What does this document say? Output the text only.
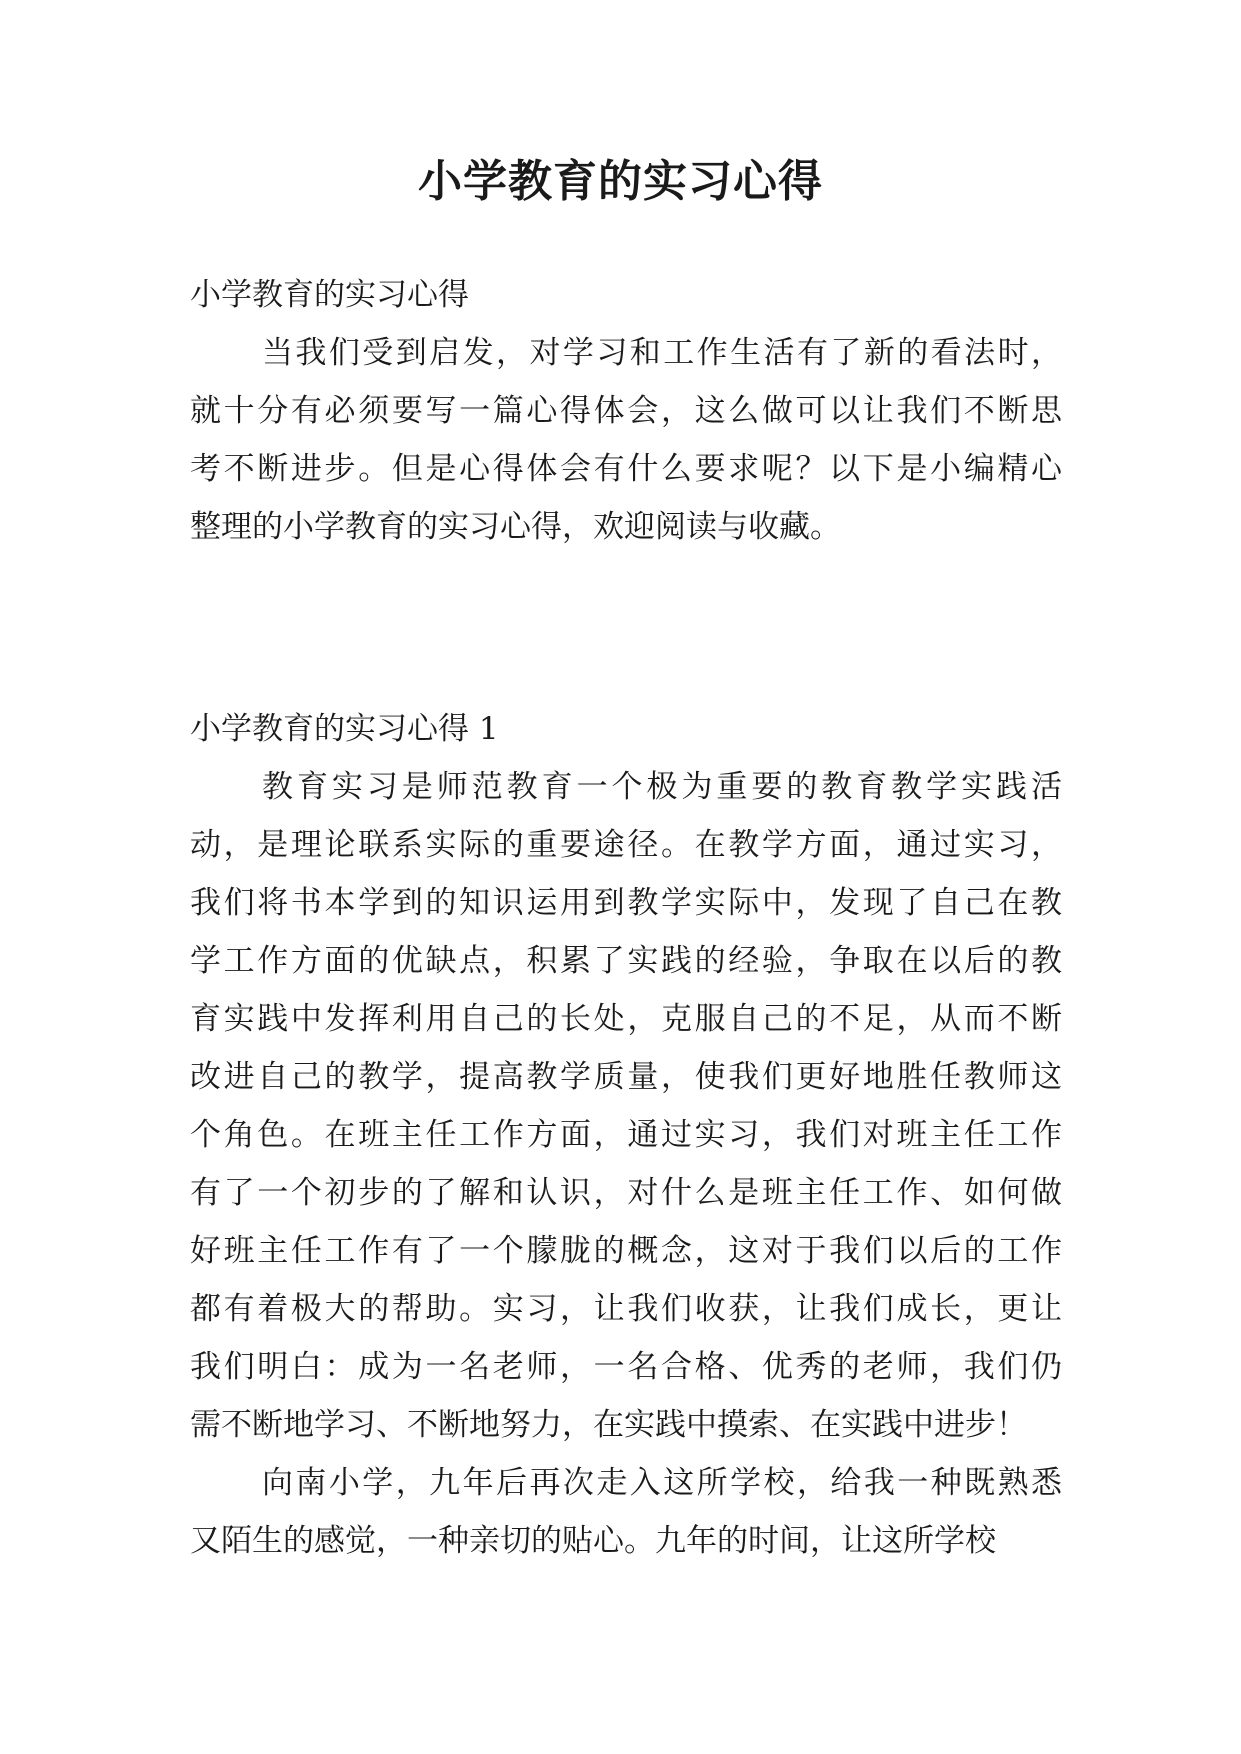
小学教育的实习心得
小学教育的实习心得
当我们受到启发，对学习和工作生活有了新的看法时，
就十分有必须要写一篇心得体会，这么做可以让我们不断思
考不断进步。但是心得体会有什么要求呢？以下是小编精心
整理的小学教育的实习心得，欢迎阅读与收藏。
小学教育的实习心得 1
教育实习是师范教育一个极为重要的教育教学实践活
动，是理论联系实际的重要途径。在教学方面，通过实习，
我们将书本学到的知识运用到教学实际中，发现了自己在教
学工作方面的优缺点，积累了实践的经验，争取在以后的教
育实践中发挥利用自己的长处，克服自己的不足，从而不断
改进自己的教学，提高教学质量，使我们更好地胜任教师这
个角色。在班主任工作方面，通过实习，我们对班主任工作
有了一个初步的了解和认识，对什么是班主任工作、如何做
好班主任工作有了一个朦胧的概念，这对于我们以后的工作
都有着极大的帮助。实习，让我们收获，让我们成长，更让
我们明白：成为一名老师，一名合格、优秀的老师，我们仍
需不断地学习、不断地努力，在实践中摸索、在实践中进步！
向南小学，九年后再次走入这所学校，给我一种既熟悉
又陌生的感觉，一种亲切的贴心。九年的时间，让这所学校
